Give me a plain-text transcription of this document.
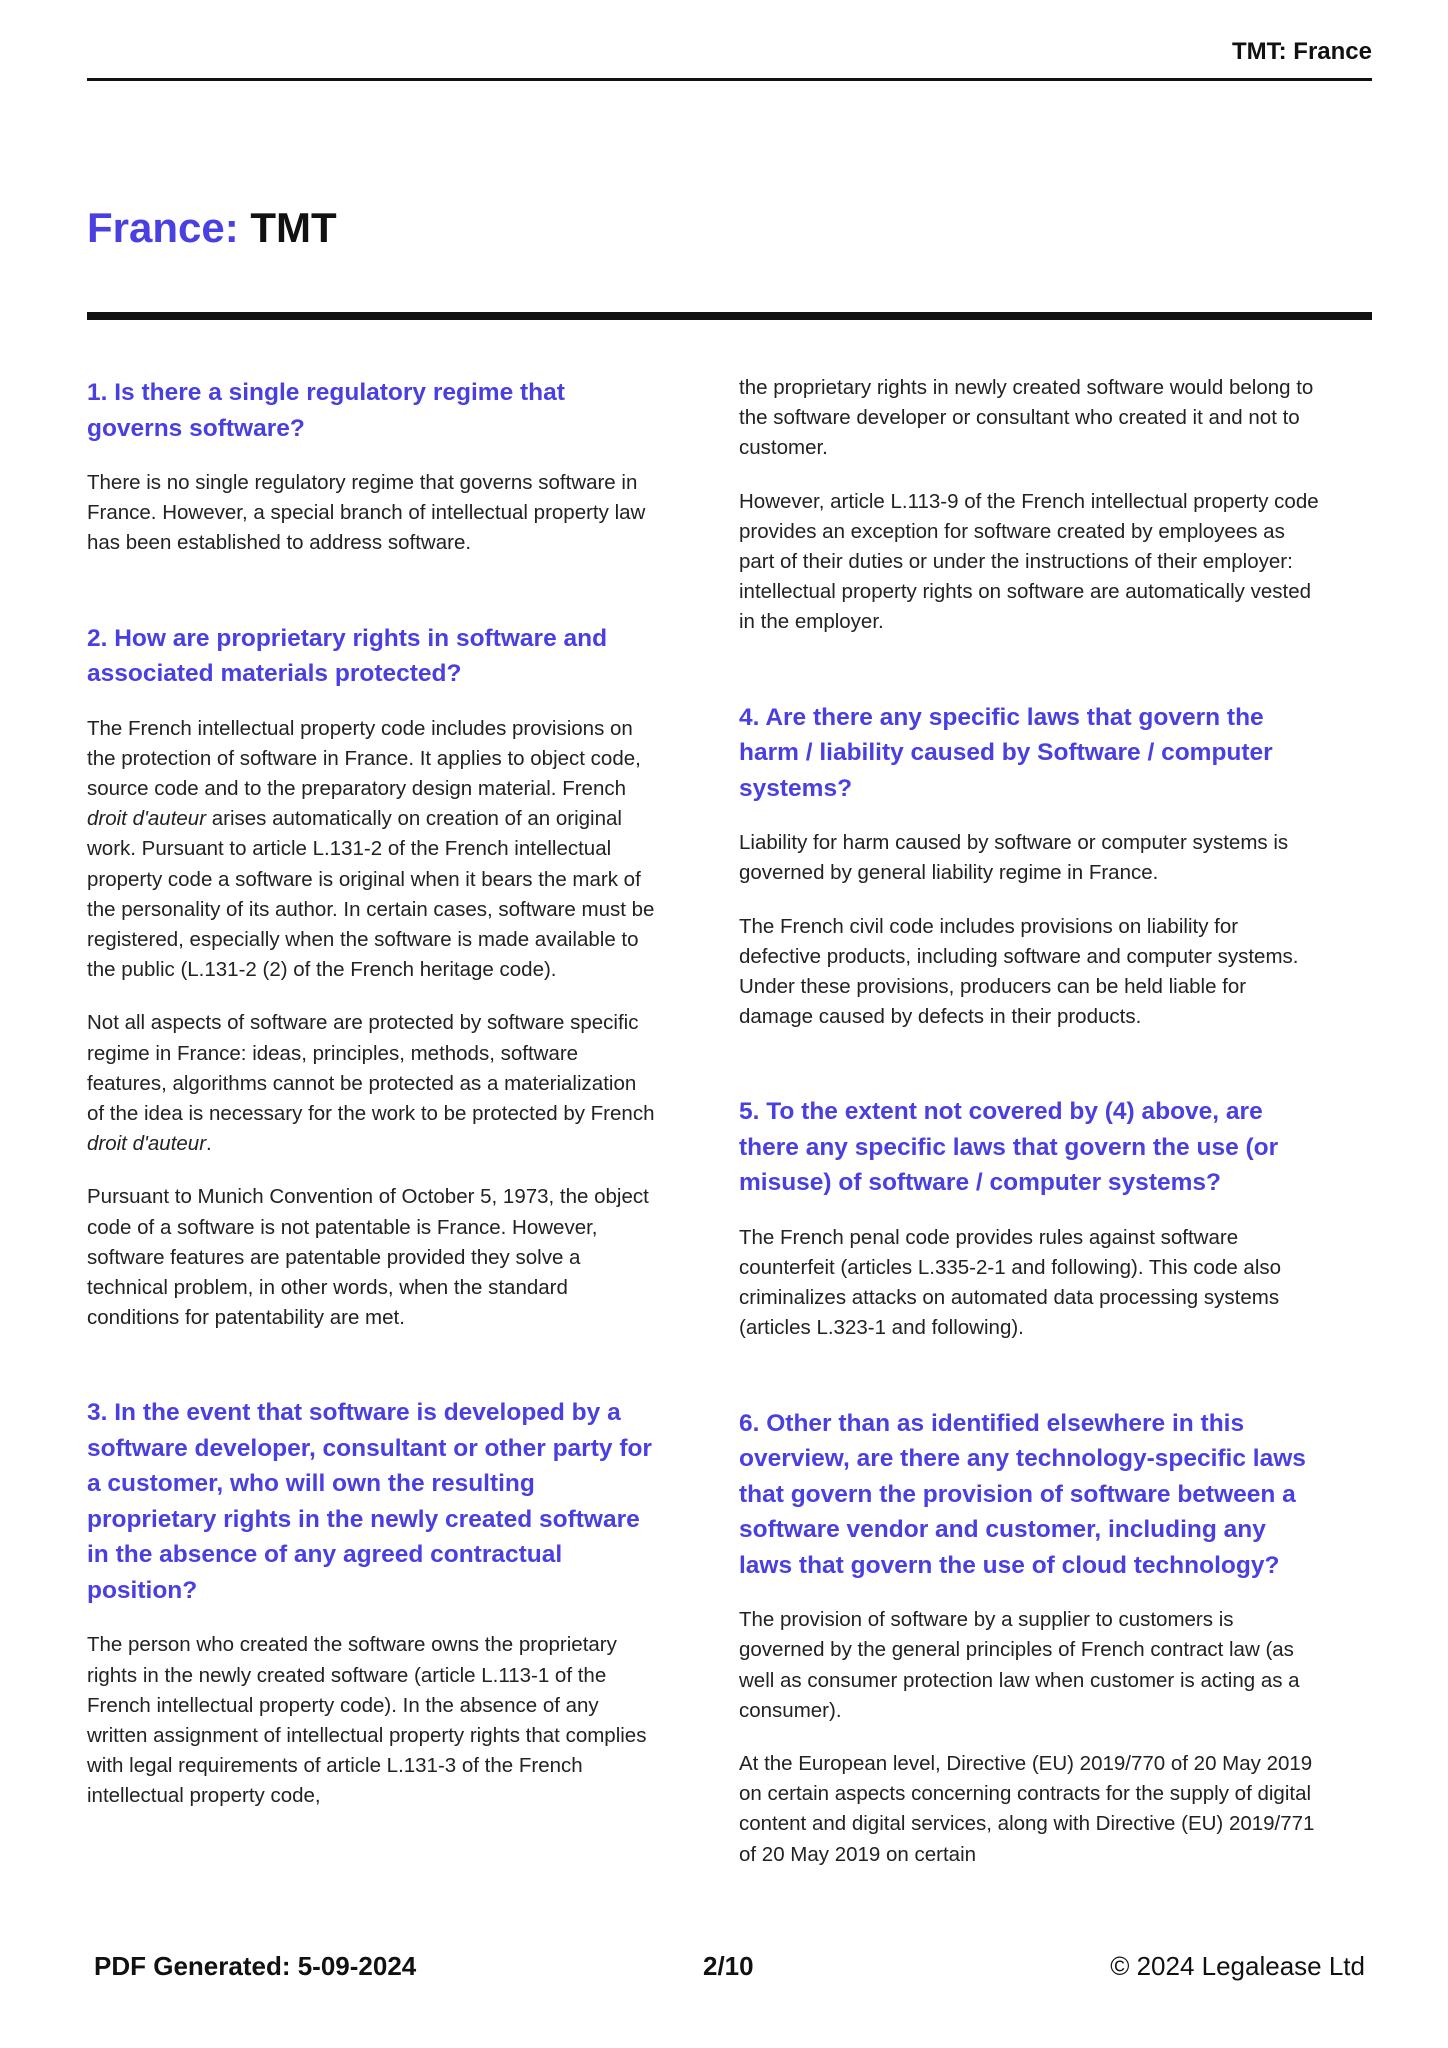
TMT: France
France: TMT
1. Is there a single regulatory regime that governs software?

There is no single regulatory regime that governs software in France. However, a special branch of intellectual property law has been established to address software.

2. How are proprietary rights in software and associated materials protected?

The French intellectual property code includes provisions on the protection of software in France. It applies to object code, source code and to the preparatory design material. French droit d'auteur arises automatically on creation of an original work. Pursuant to article L.131-2 of the French intellectual property code a software is original when it bears the mark of the personality of its author. In certain cases, software must be registered, especially when the software is made available to the public (L.131-2 (2) of the French heritage code).

Not all aspects of software are protected by software specific regime in France: ideas, principles, methods, software features, algorithms cannot be protected as a materialization of the idea is necessary for the work to be protected by French droit d'auteur.

Pursuant to Munich Convention of October 5, 1973, the object code of a software is not patentable is France. However, software features are patentable provided they solve a technical problem, in other words, when the standard conditions for patentability are met.

3. In the event that software is developed by a software developer, consultant or other party for a customer, who will own the resulting proprietary rights in the newly created software in the absence of any agreed contractual position?

The person who created the software owns the proprietary rights in the newly created software (article L.113-1 of the French intellectual property code). In the absence of any written assignment of intellectual property rights that complies with legal requirements of article L.131-3 of the French intellectual property code,

the proprietary rights in newly created software would belong to the software developer or consultant who created it and not to customer.

However, article L.113-9 of the French intellectual property code provides an exception for software created by employees as part of their duties or under the instructions of their employer: intellectual property rights on software are automatically vested in the employer.

4. Are there any specific laws that govern the harm / liability caused by Software / computer systems?

Liability for harm caused by software or computer systems is governed by general liability regime in France.

The French civil code includes provisions on liability for defective products, including software and computer systems. Under these provisions, producers can be held liable for damage caused by defects in their products.

5. To the extent not covered by (4) above, are there any specific laws that govern the use (or misuse) of software / computer systems?

The French penal code provides rules against software counterfeit (articles L.335-2-1 and following). This code also criminalizes attacks on automated data processing systems (articles L.323-1 and following).

6. Other than as identified elsewhere in this overview, are there any technology-specific laws that govern the provision of software between a software vendor and customer, including any laws that govern the use of cloud technology?

The provision of software by a supplier to customers is governed by the general principles of French contract law (as well as consumer protection law when customer is acting as a consumer).

At the European level, Directive (EU) 2019/770 of 20 May 2019 on certain aspects concerning contracts for the supply of digital content and digital services, along with Directive (EU) 2019/771 of 20 May 2019 on certain

PDF Generated: 5-09-2024	2/10	© 2024 Legalease Ltd
